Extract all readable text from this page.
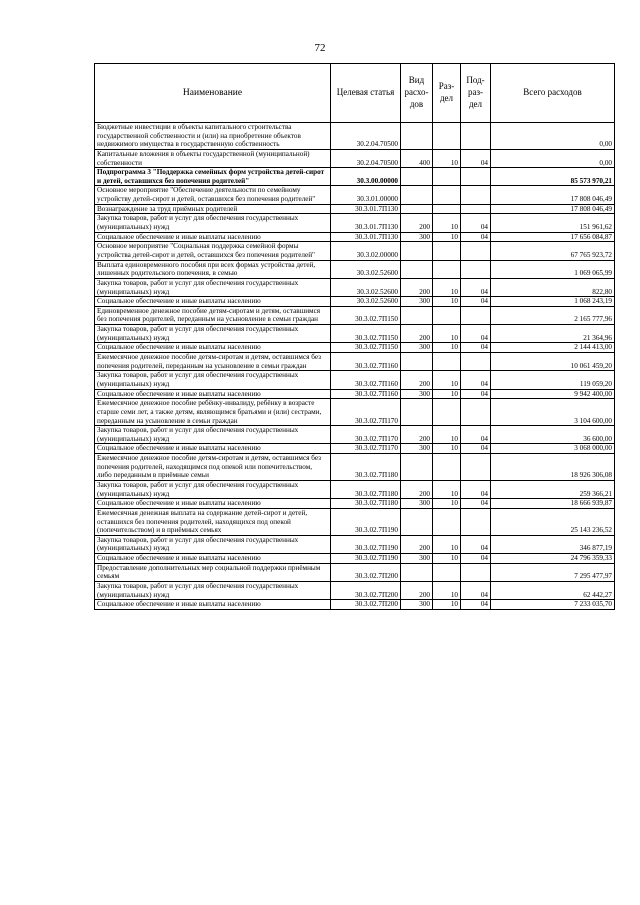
72
Наименование	Целевая статья	Вид расхо-дов	Раз-дел	Под-раз-дел	Всего расходов
Бюджетные инвестиции в объекты капитального строительства государственной собственности и (или) на приобретение объектов недвижимого имущества в государственную собственность	30.2.04.70500				0,00
Капитальные вложения в объекты государственной (муниципальной) собственности	30.2.04.70500	400	10	04	0,00
Подпрограмма 3 "Поддержка семейных форм устройства детей-сирот и детей, оставшихся без попечения родителей"	30.3.00.00000				85 573 970,21
Основное мероприятие "Обеспечение деятельности по семейному устройству детей-сирот и детей, оставшихся без попечения родителей"	30.3.01.00000				17 808 046,49
Вознаграждение за труд приёмных родителей	30.3.01.7П130				17 808 046,49
Закупка товаров, работ и услуг для обеспечения государственных (муниципальных) нужд	30.3.01.7П130	200	10	04	151 961,62
Социальное обеспечение и иные выплаты населению	30.3.01.7П130	300	10	04	17 656 084,87
Основное мероприятие "Социальная поддержка семейной формы устройства детей-сирот и детей, оставшихся без попечения родителей"	30.3.02.00000				67 765 923,72
Выплата единовременного пособия при всех формах устройства детей, лишенных родительского попечения, в семью	30.3.02.52600				1 069 065,99
Закупка товаров, работ и услуг для обеспечения государственных (муниципальных) нужд	30.3.02.52600	200	10	04	822,80
Социальное обеспечение и иные выплаты населению	30.3.02.52600	300	10	04	1 068 243,19
Единовременное денежное пособие детям-сиротам и детям, оставшимся без попечения родителей, переданным на усыновление в семьи граждан	30.3.02.7П150				2 165 777,96
Закупка товаров, работ и услуг для обеспечения государственных (муниципальных) нужд	30.3.02.7П150	200	10	04	21 364,96
Социальное обеспечение и иные выплаты населению	30.3.02.7П150	300	10	04	2 144 413,00
Ежемесячное денежное пособие детям-сиротам и детям, оставшимся без попечения родителей, переданным на усыновление в семьи граждан	30.3.02.7П160				10 061 459,20
Закупка товаров, работ и услуг для обеспечения государственных (муниципальных) нужд	30.3.02.7П160	200	10	04	119 059,20
Социальное обеспечение и иные выплаты населению	30.3.02.7П160	300	10	04	9 942 400,00
Ежемесячное денежное пособие ребёнку-инвалиду, ребёнку в возрасте старше семи лет, а также детям, являющимся братьями и (или) сестрами, переданным на усыновление в семьи граждан	30.3.02.7П170				3 104 600,00
Закупка товаров, работ и услуг для обеспечения государственных (муниципальных) нужд	30.3.02.7П170	200	10	04	36 600,00
Социальное обеспечение и иные выплаты населению	30.3.02.7П170	300	10	04	3 068 000,00
Ежемесячное денежное пособие детям-сиротам и детям, оставшимся без попечения родителей, находящимся под опекой или попечительством, либо переданным в приёмные семьи	30.3.02.7П180				18 926 306,08
Закупка товаров, работ и услуг для обеспечения государственных (муниципальных) нужд	30.3.02.7П180	200	10	04	259 366,21
Социальное обеспечение и иные выплаты населению	30.3.02.7П180	300	10	04	18 666 939,87
Ежемесячная денежная выплата на содержание детей-сирот и детей, оставшихся без попечения родителей, находящихся под опекой (попечительством) и в приёмных семьях	30.3.02.7П190				25 143 236,52
Закупка товаров, работ и услуг для обеспечения государственных (муниципальных) нужд	30.3.02.7П190	200	10	04	346 877,19
Социальное обеспечение и иные выплаты населению	30.3.02.7П190	300	10	04	24 796 359,33
Предоставление дополнительных мер социальной поддержки приёмным семьям	30.3.02.7П200				7 295 477,97
Закупка товаров, работ и услуг для обеспечения государственных (муниципальных) нужд	30.3.02.7П200	200	10	04	62 442,27
Социальное обеспечение и иные выплаты населению	30.3.02.7П200	300	10	04	7 233 035,70
